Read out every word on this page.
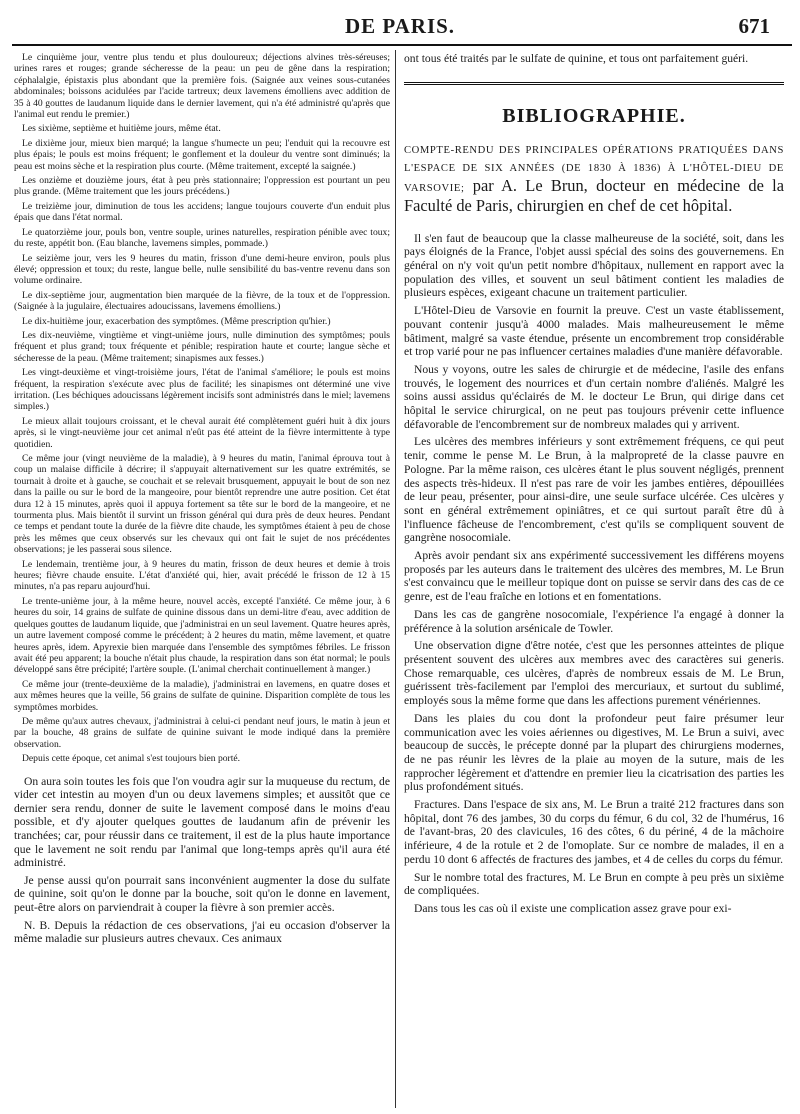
DE PARIS.	671

Le cinquième jour, ventre plus tendu et plus douloureux; déjections alvines très-séreuses; urines rares et rouges; grande sécheresse de la peau: un peu de gêne dans la respiration; céphalalgie, épistaxis plus abondant que la première fois. (Saignée aux veines sous-cutanées abdominales; boissons acidulées par l'acide tartreux; deux lavemens émolliens avec addition de 35 à 40 gouttes de laudanum liquide dans le dernier lavement, qui n'a été administré qu'après que l'animal eut rendu le premier.)

Les sixième, septième et huitième jours, même état.

Le dixième jour, mieux bien marqué; la langue s'humecte un peu; l'enduit qui la recouvre est plus épais; le pouls est moins fréquent; le gonflement et la douleur du ventre sont diminués; la peau est moins sèche et la respiration plus courte. (Même traitement, excepté la saignée.)

Les onzième et douzième jours, état à peu près stationnaire; l'oppression est pourtant un peu plus grande. (Même traitement que les jours précédens.)

Le treizième jour, diminution de tous les accidens; langue toujours couverte d'un enduit plus épais que dans l'état normal.

Le quatorzième jour, pouls bon, ventre souple, urines naturelles, respiration pénible avec toux; du reste, appétit bon. (Eau blanche, lavemens simples, pommade.)

Le seizième jour, vers les 9 heures du matin, frisson d'une demi-heure environ, pouls plus élevé; oppression et toux; du reste, langue belle, nulle sensibilité du bas-ventre revenu dans son volume ordinaire.

Le dix-septième jour, augmentation bien marquée de la fièvre, de la toux et de l'oppression. (Saignée à la jugulaire, électuaires adoucissans, lavemens émolliens.)

Le dix-huitième jour, exacerbation des symptômes. (Même prescription qu'hier.)

Les dix-neuvième, vingtième et vingt-unième jours, nulle diminution des symptômes; pouls fréquent et plus grand; toux fréquente et pénible; respiration haute et courte; langue sèche et sécheresse de la peau. (Même traitement; sinapismes aux fesses.)

Les vingt-deuxième et vingt-troisième jours, l'état de l'animal s'améliore; le pouls est moins fréquent, la respiration s'exécute avec plus de facilité; les sinapismes ont déterminé une vive irritation. (Les béchiques adoucissans légèrement incisifs sont administrés dans le miel; lavemens simples.)

Le mieux allait toujours croissant, et le cheval aurait été complètement guéri huit à dix jours après, si le vingt-neuvième jour cet animal n'eût pas été atteint de la fièvre intermittente à type quotidien.

Ce même jour (vingt neuvième de la maladie), à 9 heures du matin, l'animal éprouva tout à coup un malaise difficile à décrire; il s'appuyait alternativement sur les quatre extrémités, se tournait à droite et à gauche, se couchait et se relevait brusquement, appuyait le bout de son nez dans la paille ou sur le bord de la mangeoire, pour bientôt reprendre une autre position. Cet état dura 12 à 15 minutes, après quoi il appuya fortement sa tête sur le bord de la mangeoire, et ne tourmenta plus. Mais bientôt il survint un frisson général qui dura près de deux heures. Pendant ce temps et pendant toute la durée de la fièvre dite chaude, les symptômes étaient à peu de chose près les mêmes que ceux observés sur les chevaux qui ont fait le sujet de nos précédentes observations; je les passerai sous silence.

Le lendemain, trentième jour, à 9 heures du matin, frisson de deux heures et demie à trois heures; fièvre chaude ensuite. L'état d'anxiété qui, hier, avait précédé le frisson de 12 à 15 minutes, n'a pas reparu aujourd'hui.

Le trente-unième jour, à la même heure, nouvel accès, excepté l'anxiété. Ce même jour, à 6 heures du soir, 14 grains de sulfate de quinine dissous dans un demi-litre d'eau, avec addition de quelques gouttes de laudanum liquide, que j'administrai en un seul lavement. Quatre heures après, un autre lavement composé comme le précédent; à 2 heures du matin, même lavement, et quatre heures après, idem. Apyrexie bien marquée dans l'ensemble des symptômes fébriles. Le frisson avait été peu apparent; la bouche n'était plus chaude, la respiration dans son état normal; le pouls développé sans être précipité; l'artère souple. (L'animal cherchait continuellement à manger.)

Ce même jour (trente-deuxième de la maladie), j'administrai en lavemens, en quatre doses et aux mêmes heures que la veille, 56 grains de sulfate de quinine. Disparition complète de tous les symptômes morbides.

De même qu'aux autres chevaux, j'administrai à celui-ci pendant neuf jours, le matin à jeun et par la bouche, 48 grains de sulfate de quinine suivant le mode indiqué dans la première observation.

Depuis cette époque, cet animal s'est toujours bien porté.

On aura soin toutes les fois que l'on voudra agir sur la muqueuse du rectum, de vider cet intestin au moyen d'un ou deux lavemens simples; et aussitôt que ce dernier sera rendu, donner de suite le lavement composé dans le moins d'eau possible, et d'y ajouter quelques gouttes de laudanum afin de prévenir les tranchées; car, pour réussir dans ce traitement, il est de la plus haute importance que le lavement ne soit rendu par l'animal que long-temps après qu'il aura été administré.

Je pense aussi qu'on pourrait sans inconvénient augmenter la dose du sulfate de quinine, soit qu'on le donne par la bouche, soit qu'on le donne en lavement, peut-être alors on parviendrait à couper la fièvre à son premier accès.

N. B. Depuis la rédaction de ces observations, j'ai eu occasion d'observer la même maladie sur plusieurs autres chevaux. Ces animaux

ont tous été traités par le sulfate de quinine, et tous ont parfaitement guéri.
BIBLIOGRAPHIE.
COMPTE-RENDU DES PRINCIPALES OPÉRATIONS PRATIQUÉES DANS L'ESPACE DE SIX ANNÉES (DE 1830 À 1836) À L'HÔTEL-DIEU DE VARSOVIE; par A. Le Brun, docteur en médecine de la Faculté de Paris, chirurgien en chef de cet hôpital.

Il s'en faut de beaucoup que la classe malheureuse de la société, soit, dans les pays éloignés de la France, l'objet aussi spécial des soins des gouvernemens. En général on n'y voit qu'un petit nombre d'hôpitaux, nullement en rapport avec la population des villes, et souvent un seul bâtiment contient les maladies de plusieurs espèces, exigeant chacune un traitement particulier.

L'Hôtel-Dieu de Varsovie en fournit la preuve. C'est un vaste établissement, pouvant contenir jusqu'à 4000 malades. Mais malheureusement le même bâtiment, malgré sa vaste étendue, présente un encombrement trop considérable et trop varié pour ne pas influencer certaines maladies d'une manière défavorable.

Nous y voyons, outre les sales de chirurgie et de médecine, l'asile des enfans trouvés, le logement des nourrices et d'un certain nombre d'aliénés. Malgré les soins aussi assidus qu'éclairés de M. le docteur Le Brun, qui dirige dans cet hôpital le service chirurgical, on ne peut pas toujours prévenir cette influence défavorable de l'encombrement sur de nombreux malades qui y arrivent.

Les ulcères des membres inférieurs y sont extrêmement fréquens, ce qui peut tenir, comme le pense M. Le Brun, à la malpropreté de la classe pauvre en Pologne. Par la même raison, ces ulcères étant le plus souvent négligés, prennent des aspects très-hideux. Il n'est pas rare de voir les jambes entières, dépouillées de leur peau, présenter, pour ainsi-dire, une seule surface ulcérée. Ces ulcères y sont en général extrêmement opiniâtres, et ce qui surtout paraît être dû à l'influence fâcheuse de l'encombrement, c'est qu'ils se compliquent souvent de gangrène nosocomiale.

Après avoir pendant six ans expérimenté successivement les différens moyens proposés par les auteurs dans le traitement des ulcères des membres, M. Le Brun s'est convaincu que le meilleur topique dont on puisse se servir dans des cas de ce genre, est de l'eau fraîche en lotions et en fomentations.

Dans les cas de gangrène nosocomiale, l'expérience l'a engagé à donner la préférence à la solution arsénicale de Towler.

Une observation digne d'être notée, c'est que les personnes atteintes de plique présentent souvent des ulcères aux membres avec des caractères sui generis. Chose remarquable, ces ulcères, d'après de nombreux essais de M. Le Brun, guérissent très-facilement par l'emploi des mercuriaux, et surtout du sublimé, employés sous la même forme que dans les affections purement vénériennes.

Dans les plaies du cou dont la profondeur peut faire présumer leur communication avec les voies aériennes ou digestives, M. Le Brun a suivi, avec beaucoup de succès, le précepte donné par la plupart des chirurgiens modernes, de ne pas réunir les lèvres de la plaie au moyen de la suture, mais de les rapprocher légèrement et d'attendre en premier lieu la cicatrisation des parties les plus profondément situés.

Fractures. Dans l'espace de six ans, M. Le Brun a traité 212 fractures dans son hôpital, dont 76 des jambes, 30 du corps du fémur, 6 du col, 32 de l'humérus, 16 de l'avant-bras, 20 des clavicules, 16 des côtes, 6 du périné, 4 de la mâchoire inférieure, 4 de la rotule et 2 de l'omoplate. Sur ce nombre de malades, il en a perdu 10 dont 6 affectés de fractures des jambes, et 4 de celles du corps du fémur.

Sur le nombre total des fractures, M. Le Brun en compte à peu près un sixième de compliquées.

Dans tous les cas où il existe une complication assez grave pour exi-
